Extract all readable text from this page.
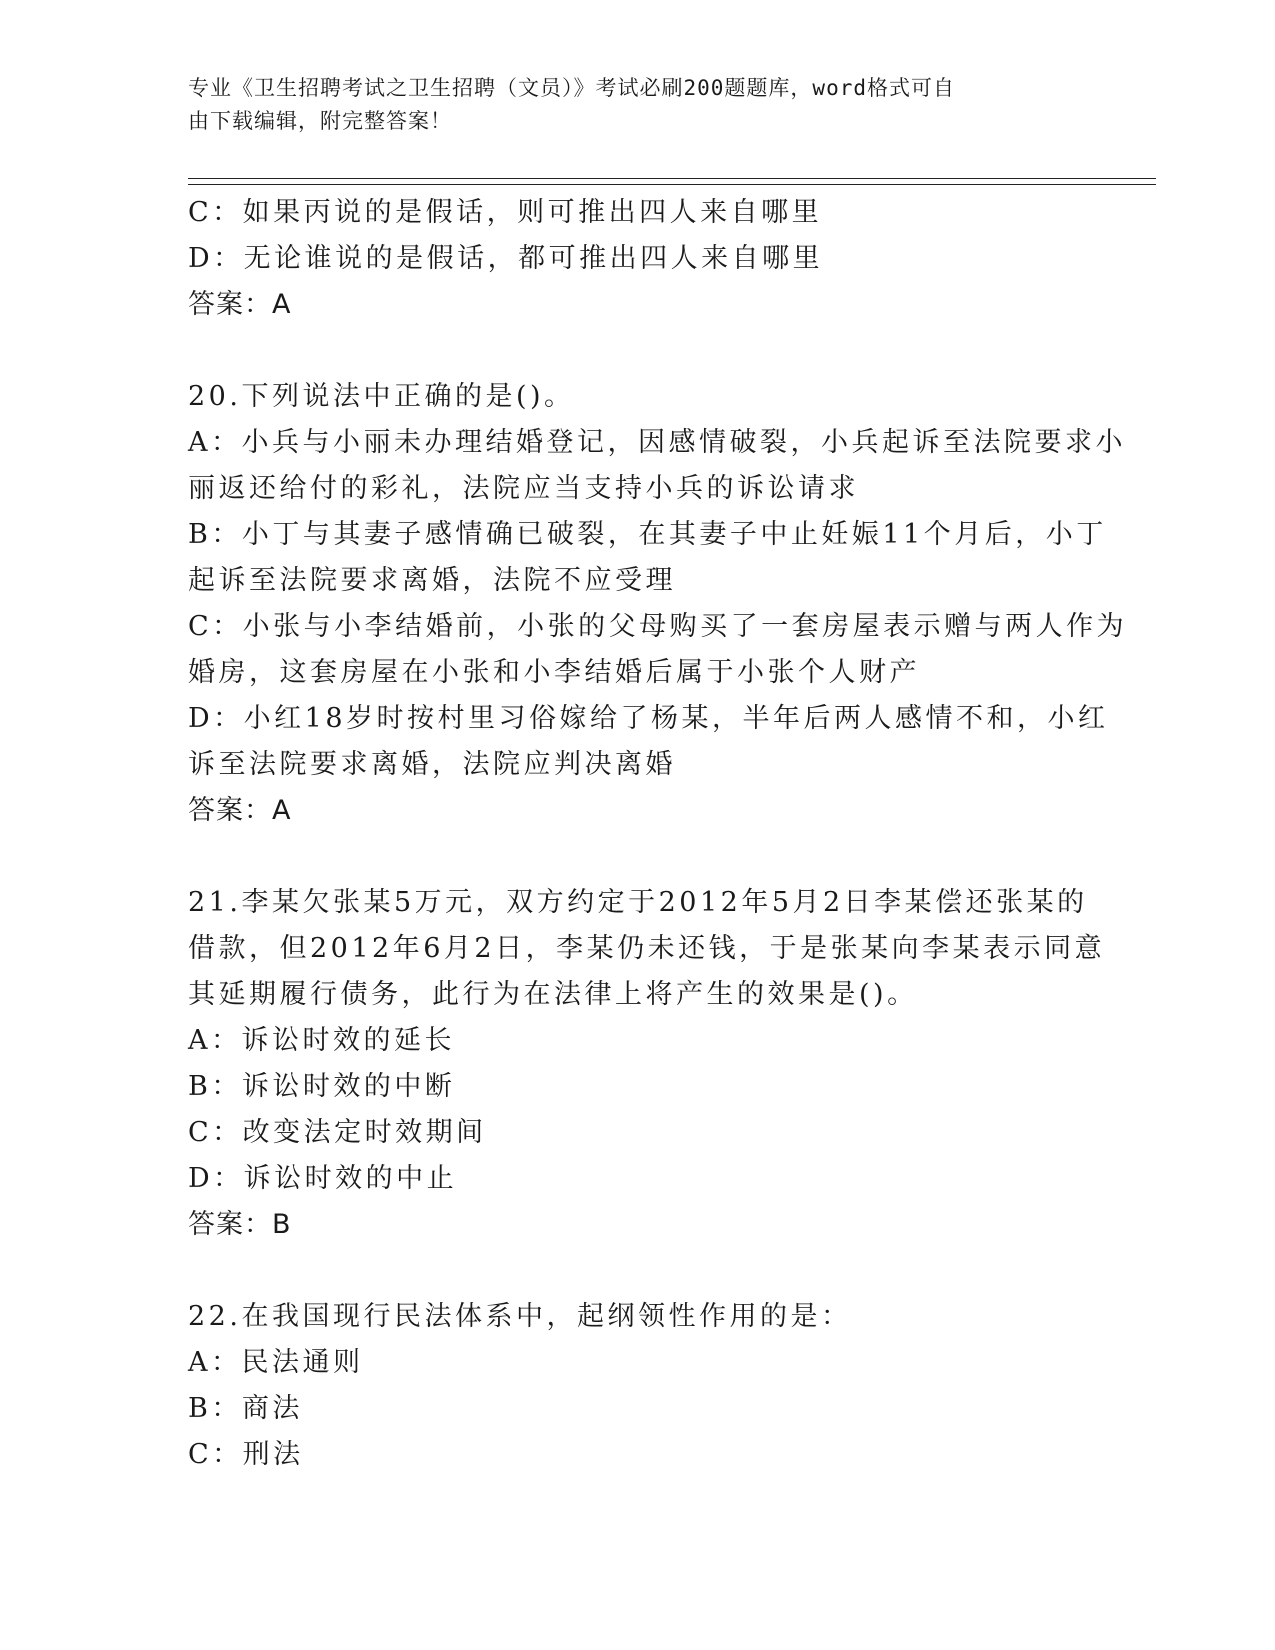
专业《卫生招聘考试之卫生招聘（文员）》考试必刷200题题库，word格式可自
由下载编辑，附完整答案！
C：如果丙说的是假话，则可推出四人来自哪里
D：无论谁说的是假话，都可推出四人来自哪里
答案：A
20.下列说法中正确的是()。
A：小兵与小丽未办理结婚登记，因感情破裂，小兵起诉至法院要求小
丽返还给付的彩礼，法院应当支持小兵的诉讼请求
B：小丁与其妻子感情确已破裂，在其妻子中止妊娠11个月后，小丁
起诉至法院要求离婚，法院不应受理
C：小张与小李结婚前，小张的父母购买了一套房屋表示赠与两人作为
婚房，这套房屋在小张和小李结婚后属于小张个人财产
D：小红18岁时按村里习俗嫁给了杨某，半年后两人感情不和，小红
诉至法院要求离婚，法院应判决离婚
答案：A
21.李某欠张某5万元，双方约定于2012年5月2日李某偿还张某的
借款，但2012年6月2日，李某仍未还钱，于是张某向李某表示同意
其延期履行债务，此行为在法律上将产生的效果是()。
A：诉讼时效的延长
B：诉讼时效的中断
C：改变法定时效期间
D：诉讼时效的中止
答案：B
22.在我国现行民法体系中，起纲领性作用的是：
A：民法通则
B：商法
C：刑法
